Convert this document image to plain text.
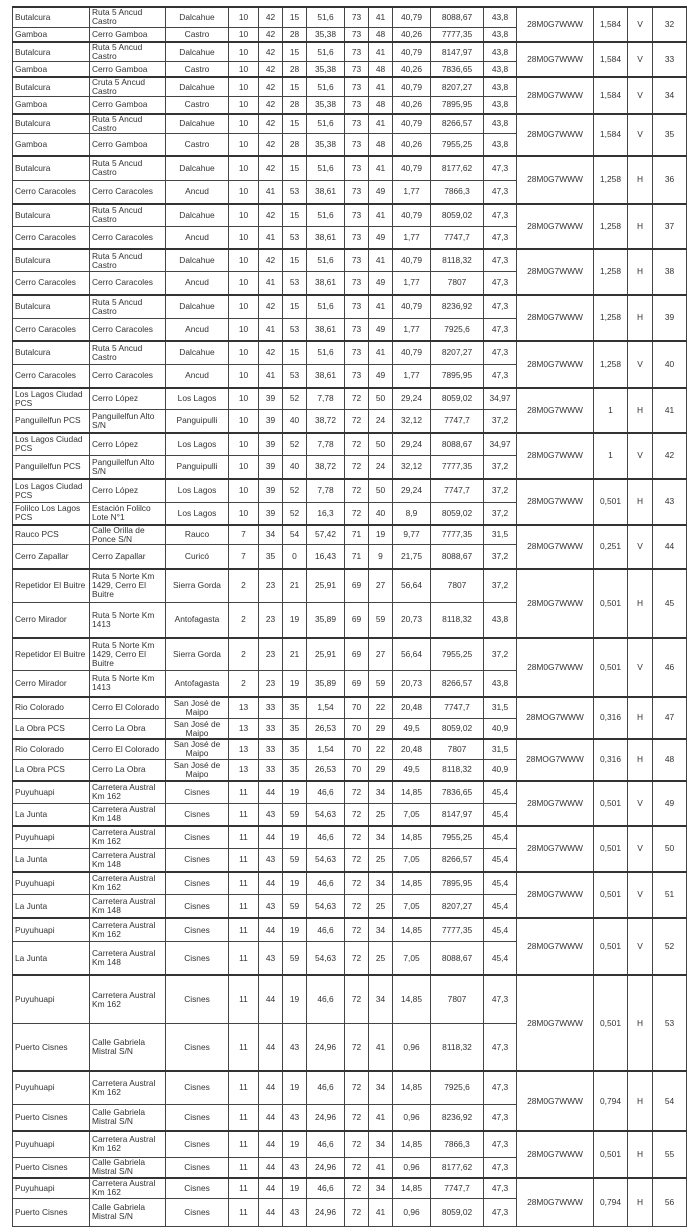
Butalcura	Ruta 5 Ancud Castro	Dalcahue	10	42	15	51,6	73	41	40,79	8088,67	43,8	28M0G7WWW	1,584	V	32
Gamboa	Cerro Gamboa	Castro	10	42	28	35,38	73	48	40,26	7777,35	43,8				
Butalcura	Ruta 5 Ancud Castro	Dalcahue	10	42	15	51,6	73	41	40,79	8147,97	43,8	28M0G7WWW	1,584	V	33
Gamboa	Cerro Gamboa	Castro	10	42	28	35,38	73	48	40,26	7836,65	43,8				
Butalcura	Cruta 5 Ancud Castro	Dalcahue	10	42	15	51,6	73	41	40,79	8207,27	43,8	28M0G7WWW	1,584	V	34
Gamboa	Cerro Gamboa	Castro	10	42	28	35,38	73	48	40,26	7895,95	43,8				
Butalcura	Ruta 5 Ancud Castro	Dalcahue	10	42	15	51,6	73	41	40,79	8266,57	43,8	28M0G7WWW	1,584	V	35
Gamboa	Cerro Gamboa	Castro	10	42	28	35,38	73	48	40,26	7955,25	43,8				
Butalcura	Ruta 5 Ancud Castro	Dalcahue	10	42	15	51,6	73	41	40,79	8177,62	47,3	28M0G7WWW	1,258	H	36
Cerro Caracoles	Cerro Caracoles	Ancud	10	41	53	38,61	73	49	1,77	7866,3	47,3				
Butalcura	Ruta 5 Ancud Castro	Dalcahue	10	42	15	51,6	73	41	40,79	8059,02	47,3	28M0G7WWW	1,258	H	37
Cerro Caracoles	Cerro Caracoles	Ancud	10	41	53	38,61	73	49	1,77	7747,7	47,3				
Butalcura	Ruta 5 Ancud Castro	Dalcahue	10	42	15	51,6	73	41	40,79	8118,32	47,3	28M0G7WWW	1,258	H	38
Cerro Caracoles	Cerro Caracoles	Ancud	10	41	53	38,61	73	49	1,77	7807	47,3				
Butalcura	Ruta 5 Ancud Castro	Dalcahue	10	42	15	51,6	73	41	40,79	8236,92	47,3	28M0G7WWW	1,258	H	39
Cerro Caracoles	Cerro Caracoles	Ancud	10	41	53	38,61	73	49	1,77	7925,6	47,3				
Butalcura	Ruta 5 Ancud Castro	Dalcahue	10	42	15	51,6	73	41	40,79	8207,27	47,3	28M0G7WWW	1,258	V	40
Cerro Caracoles	Cerro Caracoles	Ancud	10	41	53	38,61	73	49	1,77	7895,95	47,3				
Los Lagos Ciudad PCS	Cerro López	Los Lagos	10	39	52	7,78	72	50	29,24	8059,02	34,97	28M0G7WWW	1	H	41
Panguilelfun PCS	Panguilelfun Alto S/N	Panguipulli	10	39	40	38,72	72	24	32,12	7747,7	37,2				
Los Lagos Ciudad PCS	Cerro López	Los Lagos	10	39	52	7,78	72	50	29,24	8088,67	34,97	28M0G7WWW	1	V	42
Panguilelfun PCS	Panguilelfun Alto S/N	Panguipulli	10	39	40	38,72	72	24	32,12	7777,35	37,2				
Los Lagos Ciudad PCS	Cerro López	Los Lagos	10	39	52	7,78	72	50	29,24	7747,7	37,2	28M0G7WWW	0,501	H	43
Folilco Los Lagos PCS	Estación Folilco Lote N°1	Los Lagos	10	39	52	16,3	72	40	8,9	8059,02	37,2				
Rauco PCS	Calle Orilla de Ponce S/N	Rauco	7	34	54	57,42	71	19	9,77	7777,35	31,5	28M0G7WWW	0,251	V	44
Cerro Zapallar	Cerro Zapallar	Curicó	7	35	0	16,43	71	9	21,75	8088,67	37,2				
Repetidor El Buitre	Ruta 5 Norte Km 1429, Cerro El Buitre	Sierra Gorda	2	23	21	25,91	69	27	56,64	7807	37,2	28M0G7WWW	0,501	H	45
Cerro Mirador	Ruta 5 Norte Km 1413	Antofagasta	2	23	19	35,89	69	59	20,73	8118,32	43,8				
Repetidor El Buitre	Ruta 5 Norte Km 1429, Cerro El Buitre	Sierra Gorda	2	23	21	25,91	69	27	56,64	7955,25	37,2	28M0G7WWW	0,501	V	46
Cerro Mirador	Ruta 5 Norte Km 1413	Antofagasta	2	23	19	35,89	69	59	20,73	8266,57	43,8				
Rio Colorado	Cerro El Colorado	San José de Maipo	13	33	35	1,54	70	22	20,48	7747,7	31,5	28MOG7WWW	0,316	H	47
La Obra PCS	Cerro La Obra	San José de Maipo	13	33	35	26,53	70	29	49,5	8059,02	40,9				
Rio Colorado	Cerro El Colorado	San José de Maipo	13	33	35	1,54	70	22	20,48	7807	31,5	28MOG7WWW	0,316	H	48
La Obra PCS	Cerro La Obra	San José de Maipo	13	33	35	26,53	70	29	49,5	8118,32	40,9				
Puyuhuapi	Carretera Austral Km 162	Cisnes	11	44	19	46,6	72	34	14,85	7836,65	45,4	28M0G7WWW	0,501	V	49
La Junta	Carretera Austral Km 148	Cisnes	11	43	59	54,63	72	25	7,05	8147,97	45,4				
Puyuhuapi	Carretera Austral Km 162	Cisnes	11	44	19	46,6	72	34	14,85	7955,25	45,4	28M0G7WWW	0,501	V	50
La Junta	Carretera Austral Km 148	Cisnes	11	43	59	54,63	72	25	7,05	8266,57	45,4				
Puyuhuapi	Carretera Austral Km 162	Cisnes	11	44	19	46,6	72	34	14,85	7895,95	45,4	28M0G7WWW	0,501	V	51
La Junta	Carretera Austral Km 148	Cisnes	11	43	59	54,63	72	25	7,05	8207,27	45,4				
Puyuhuapi	Carretera Austral Km 162	Cisnes	11	44	19	46,6	72	34	14,85	7777,35	45,4	28M0G7WWW	0,501	V	52
La Junta	Carretera Austral Km 148	Cisnes	11	43	59	54,63	72	25	7,05	8088,67	45,4				
Puyuhuapi	Carretera Austral Km 162	Cisnes	11	44	19	46,6	72	34	14,85	7807	47,3	28M0G7WWW	0,501	H	53
Puerto Cisnes	Calle Gabriela Mistral S/N	Cisnes	11	44	43	24,96	72	41	0,96	8118,32	47,3				
Puyuhuapi	Carretera Austral Km 162	Cisnes	11	44	19	46,6	72	34	14,85	7925,6	47,3	28M0G7WWW	0,794	H	54
Puerto Cisnes	Calle Gabriela Mistral S/N	Cisnes	11	44	43	24,96	72	41	0,96	8236,92	47,3				
Puyuhuapi	Carretera Austral Km 162	Cisnes	11	44	19	46,6	72	34	14,85	7866,3	47,3	28M0G7WWW	0,501	H	55
Puerto Cisnes	Calle Gabriela Mistral S/N	Cisnes	11	44	43	24,96	72	41	0,96	8177,62	47,3				
Puyuhuapi	Carretera Austral Km 162	Cisnes	11	44	19	46,6	72	34	14,85	7747,7	47,3	28M0G7WWW	0,794	H	56
Puerto Cisnes	Calle Gabriela Mistral S/N	Cisnes	11	44	43	24,96	72	41	0,96	8059,02	47,3				
